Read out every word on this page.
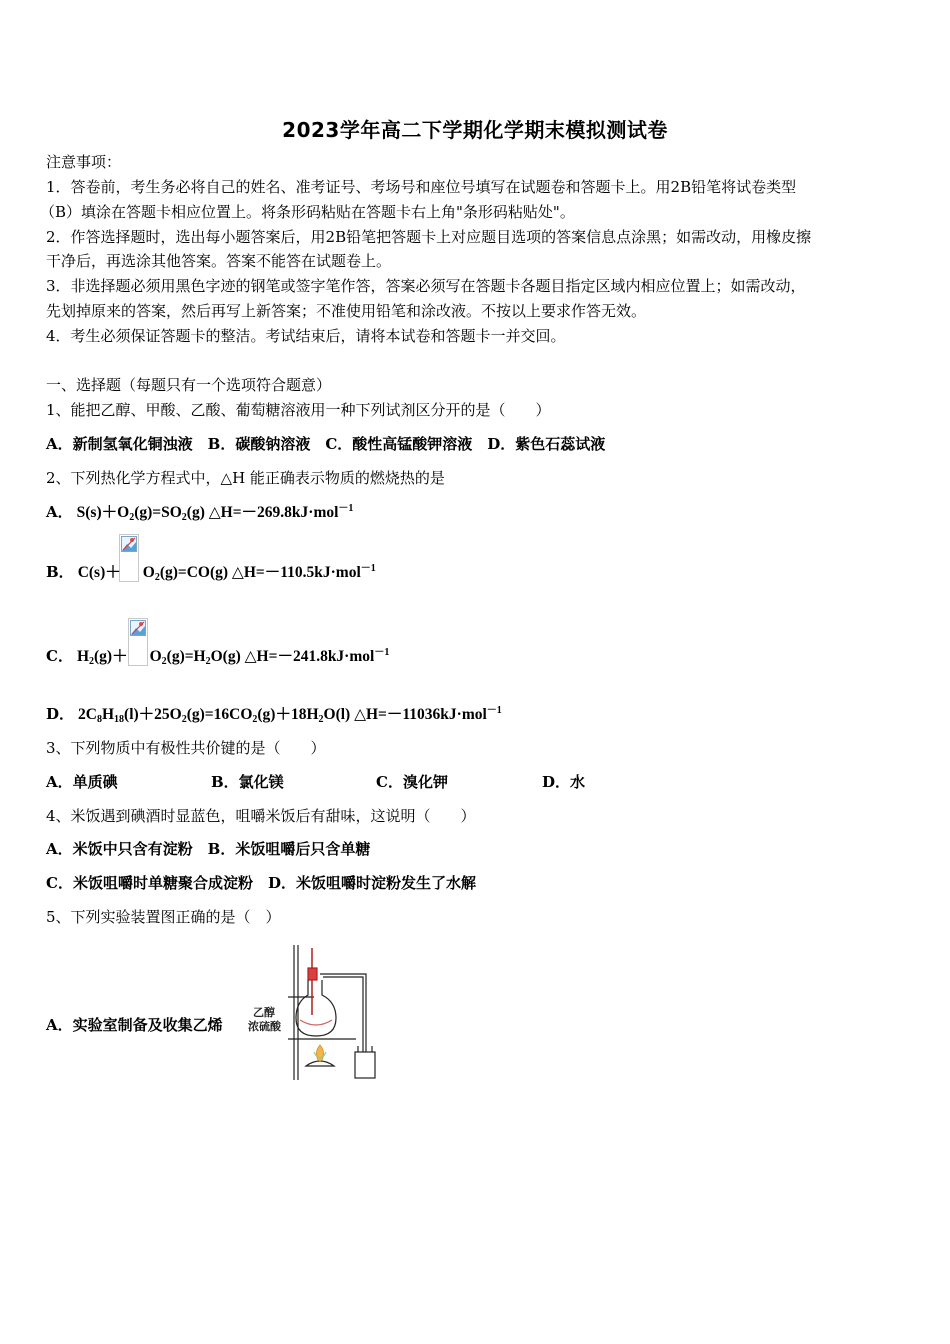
2023学年高二下学期化学期末模拟测试卷
注意事项：
1．答卷前，考生务必将自己的姓名、准考证号、考场号和座位号填写在试题卷和答题卡上。用2B铅笔将试卷类型
（B）填涂在答题卡相应位置上。将条形码粘贴在答题卡右上角"条形码粘贴处"。
2．作答选择题时，选出每小题答案后，用2B铅笔把答题卡上对应题目选项的答案信息点涂黑；如需改动，用橡皮擦
干净后，再选涂其他答案。答案不能答在试题卷上。
3．非选择题必须用黑色字迹的钢笔或签字笔作答，答案必须写在答题卡各题目指定区域内相应位置上；如需改动，
先划掉原来的答案，然后再写上新答案；不准使用铅笔和涂改液。不按以上要求作答无效。
4．考生必须保证答题卡的整洁。考试结束后，请将本试卷和答题卡一并交回。
一、选择题（每题只有一个选项符合题意）
1、能把乙醇、甲酸、乙酸、葡萄糖溶液用一种下列试剂区分开的是（　　）
A．新制氢氧化铜浊液　B．碳酸钠溶液　C．酸性高锰酸钾溶液　D．紫色石蕊试液
2、下列热化学方程式中，△H 能正确表示物质的燃烧热的是
A． $S(s)+O_2(g)=SO_2(g)$ △H=－269.8kJ·mol$^{-1}$
B． $C(s)+ O_2(g)=CO(g)$ △H=－110.5kJ·mol$^{-1}$
C． $H_2(g)+ O_2(g)=H_2O(g)$ △H=－241.8kJ·mol$^{-1}$
D． $2C_8H_{18}(l)+25O_2(g)=16CO_2(g)+18H_2O(l)$ △H=－11036kJ·mol$^{-1}$
3、下列物质中有极性共价键的是（　　）
A．单质碘	B．氯化镁	C．溴化钾	D．水
4、米饭遇到碘酒时显蓝色，咀嚼米饭后有甜味，这说明（　　）
A．米饭中只含有淀粉　B．米饭咀嚼后只含单糖
C．米饭咀嚼时单糖聚合成淀粉　D．米饭咀嚼时淀粉发生了水解
5、下列实验装置图正确的是（　）
A．实验室制备及收集乙烯
乙醇
浓硫酸
